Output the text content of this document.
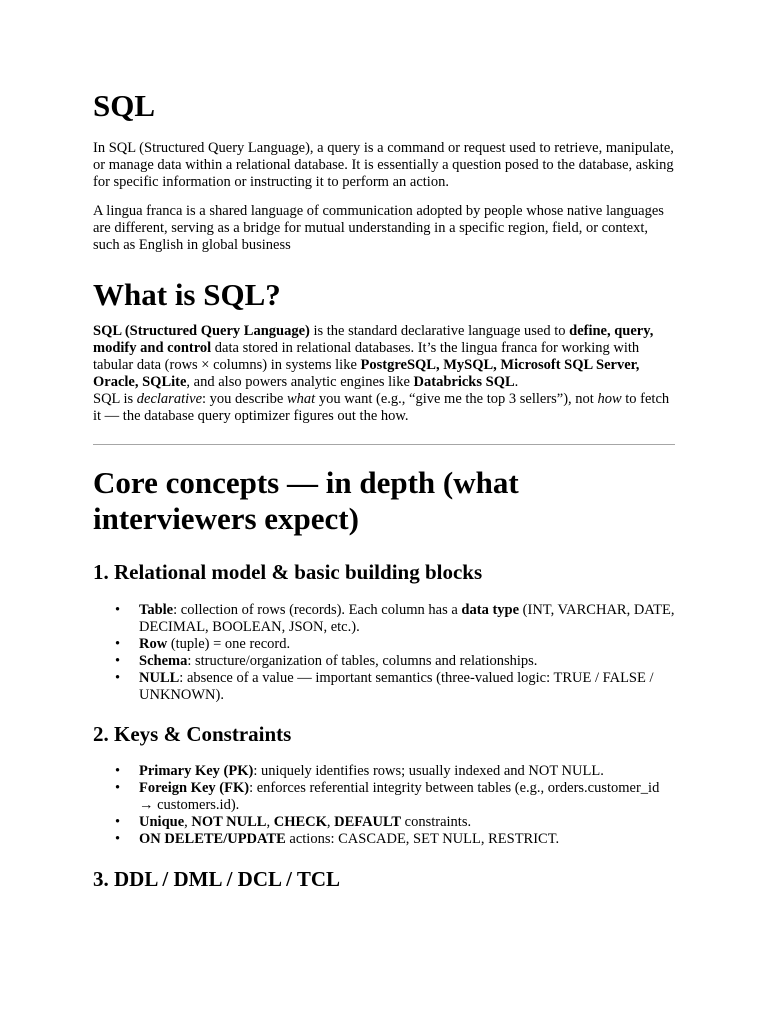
SQL

In SQL (Structured Query Language), a query is a command or request used to retrieve, manipulate, or manage data within a relational database. It is essentially a question posed to the database, asking for specific information or instructing it to perform an action.

A lingua franca is a shared language of communication adopted by people whose native languages are different, serving as a bridge for mutual understanding in a specific region, field, or context, such as English in global business

What is SQL?

SQL (Structured Query Language) is the standard declarative language used to define, query, modify and control data stored in relational databases. It’s the lingua franca for working with tabular data (rows × columns) in systems like PostgreSQL, MySQL, Microsoft SQL Server, Oracle, SQLite, and also powers analytic engines like Databricks SQL.

SQL is declarative: you describe what you want (e.g., “give me the top 3 sellers”), not how to fetch it — the database query optimizer figures out the how.

Core concepts — in depth (what interviewers expect)
1. Relational model & basic building blocks
• Table: collection of rows (records). Each column has a data type (INT, VARCHAR, DATE, DECIMAL, BOOLEAN, JSON, etc.).
• Row (tuple) = one record.
• Schema: structure/organization of tables, columns and relationships.
• NULL: absence of a value — important semantics (three-valued logic: TRUE / FALSE / UNKNOWN).
2. Keys & Constraints
• Primary Key (PK): uniquely identifies rows; usually indexed and NOT NULL.
• Foreign Key (FK): enforces referential integrity between tables (e.g., orders.customer_id → customers.id).
• Unique, NOT NULL, CHECK, DEFAULT constraints.
• ON DELETE/UPDATE actions: CASCADE, SET NULL, RESTRICT.
3. DDL / DML / DCL / TCL
